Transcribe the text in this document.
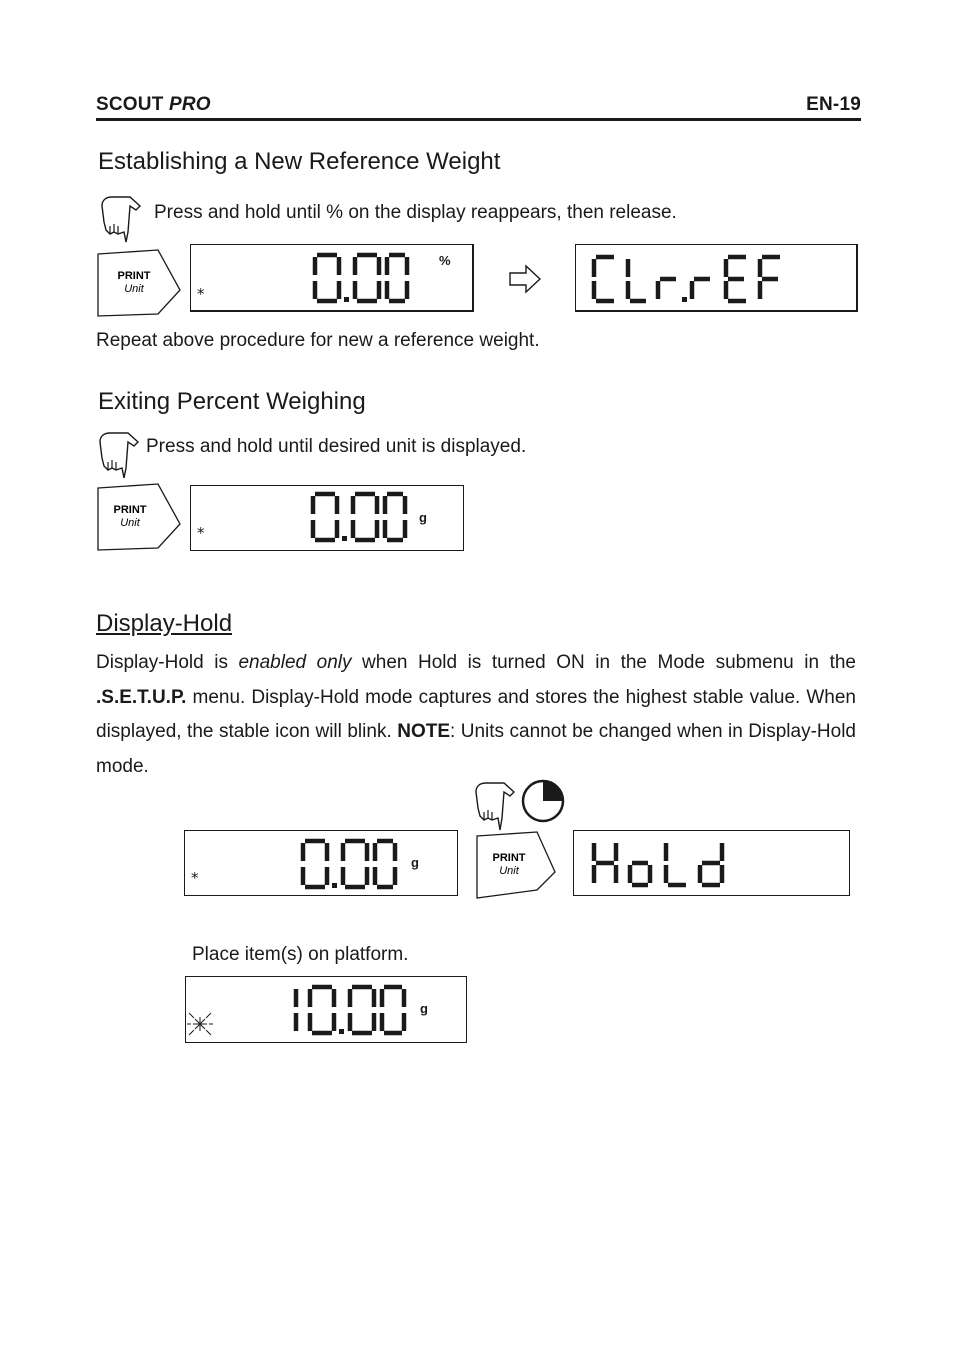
SCOUT PRO	EN-19
Establishing a New Reference Weight
Press and hold until % on the display reappears, then release.
PRINT
Unit	*
%
Repeat above procedure for new a reference weight.
Exiting Percent Weighing
Press and hold until desired unit is displayed.
PRINT
Unit
*
g
Display-Hold
Display-Hold is enabled only when Hold is turned ON in the Mode submenu in the .S.E.T.U.P. menu. Display-Hold mode captures and stores the highest stable value. When displayed, the stable icon will blink. NOTE: Units cannot be changed when in Display-Hold mode.
*
g	PRINT
Unit
Place item(s) on platform.
g
